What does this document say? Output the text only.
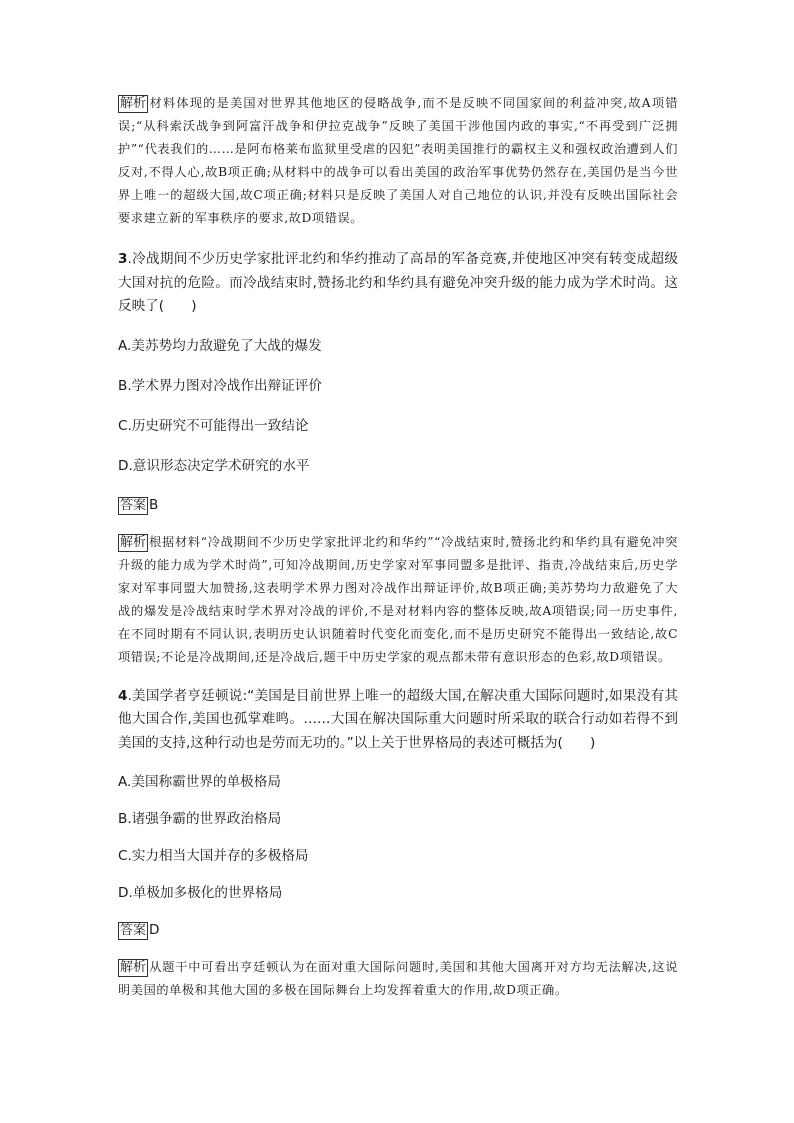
解析 材料体现的是美国对世界其他地区的侵略战争,而不是反映不同国家间的利益冲突,故A项错误;“从科索沃战争到阿富汗战争和伊拉克战争”反映了美国干涉他国内政的事实,“不再受到广泛拥护”“代表我们的……是阿布格莱布监狱里受虐的囚犯”表明美国推行的霸权主义和强权政治遭到人们反对,不得人心,故B项正确;从材料中的战争可以看出美国的政治军事优势仍然存在,美国仍是当今世界上唯一的超级大国,故C项正确;材料只是反映了美国人对自己地位的认识,并没有反映出国际社会要求建立新的军事秩序的要求,故D项错误。

3.冷战期间不少历史学家批评北约和华约推动了高昂的军备竞赛,并使地区冲突有转变成超级大国对抗的危险。而冷战结束时,赞扬北约和华约具有避免冲突升级的能力成为学术时尚。这反映了(　　)

A.美苏势均力敌避免了大战的爆发

B.学术界力图对冷战作出辩证评价

C.历史研究不可能得出一致结论

D.意识形态决定学术研究的水平

答案 B

解析 根据材料“冷战期间不少历史学家批评北约和华约”“冷战结束时,赞扬北约和华约具有避免冲突升级的能力成为学术时尚”,可知冷战期间,历史学家对军事同盟多是批评、指责,冷战结束后,历史学家对军事同盟大加赞扬,这表明学术界力图对冷战作出辩证评价,故B项正确;美苏势均力敌避免了大战的爆发是冷战结束时学术界对冷战的评价,不是对材料内容的整体反映,故A项错误;同一历史事件,在不同时期有不同认识,表明历史认识随着时代变化而变化,而不是历史研究不能得出一致结论,故C项错误;不论是冷战期间,还是冷战后,题干中历史学家的观点都未带有意识形态的色彩,故D项错误。

4.美国学者亨廷顿说:“美国是目前世界上唯一的超级大国,在解决重大国际问题时,如果没有其他大国合作,美国也孤掌难鸣。……大国在解决国际重大问题时所采取的联合行动如若得不到美国的支持,这种行动也是劳而无功的。”以上关于世界格局的表述可概括为(　　)

A.美国称霸世界的单极格局

B.诸强争霸的世界政治格局

C.实力相当大国并存的多极格局

D.单极加多极化的世界格局

答案 D

解析 从题干中可看出亨廷顿认为在面对重大国际问题时,美国和其他大国离开对方均无法解决,这说明美国的单极和其他大国的多极在国际舞台上均发挥着重大的作用,故D项正确。
